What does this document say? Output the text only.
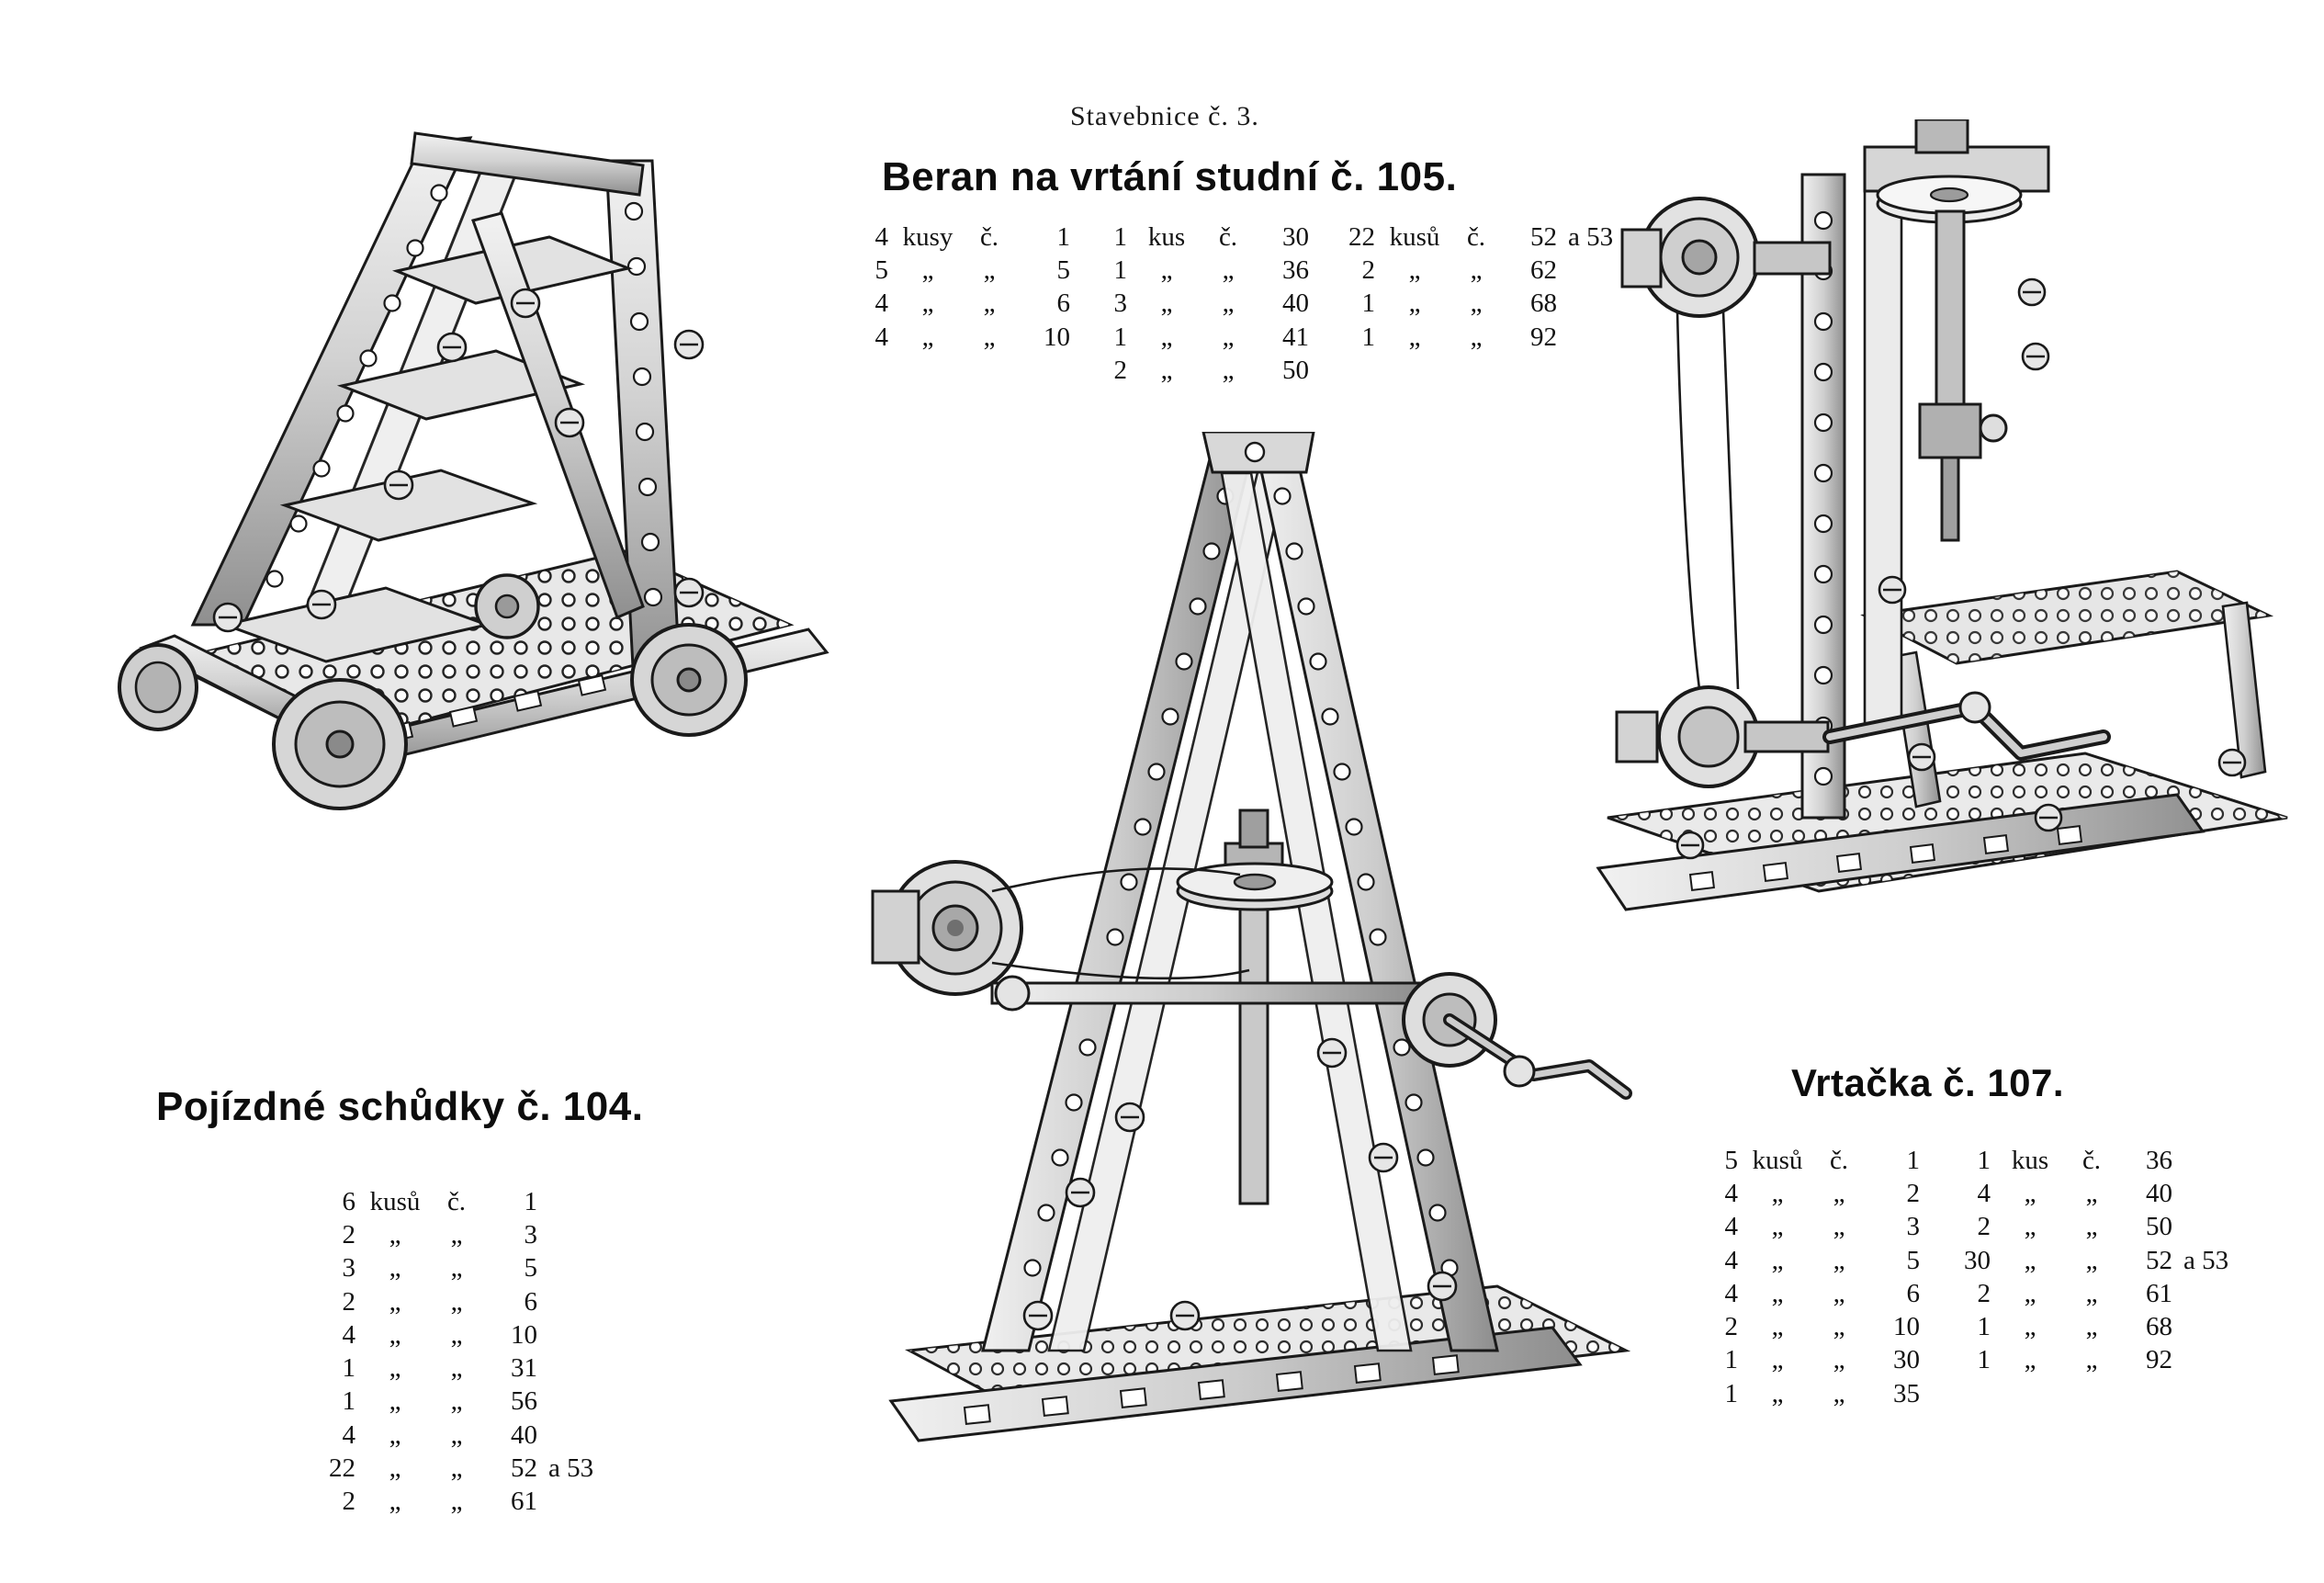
Stavebnice č. 3.
Beran na vrtání studní č. 105.
4	kusy	č.	1	
5	„	„	5	
4	„	„	6	
4	„	„	10	
1	kus	č.	30	
1	„	„	36	
3	„	„	40	
1	„	„	41	
2	„	„	50	
22	kusů	č.	52	a 53
2	„	„	62	
1	„	„	68	
1	„	„	92	
Pojízdné schůdky č. 104.
6	kusů	č.	1	
2	„	„	3	
3	„	„	5	
2	„	„	6	
4	„	„	10	
1	„	„	31	
1	„	„	56	
4	„	„	40	
22	„	„	52	a 53
2	„	„	61	
Vrtačka č. 107.
5	kusů	č.	1	
4	„	„	2	
4	„	„	3	
4	„	„	5	
4	„	„	6	
2	„	„	10	
1	„	„	30	
1	„	„	35	
1	kus	č.	36	
4	„	„	40	
2	„	„	50	
30	„	„	52	a 53
2	„	„	61	
1	„	„	68	
1	„	„	92	
